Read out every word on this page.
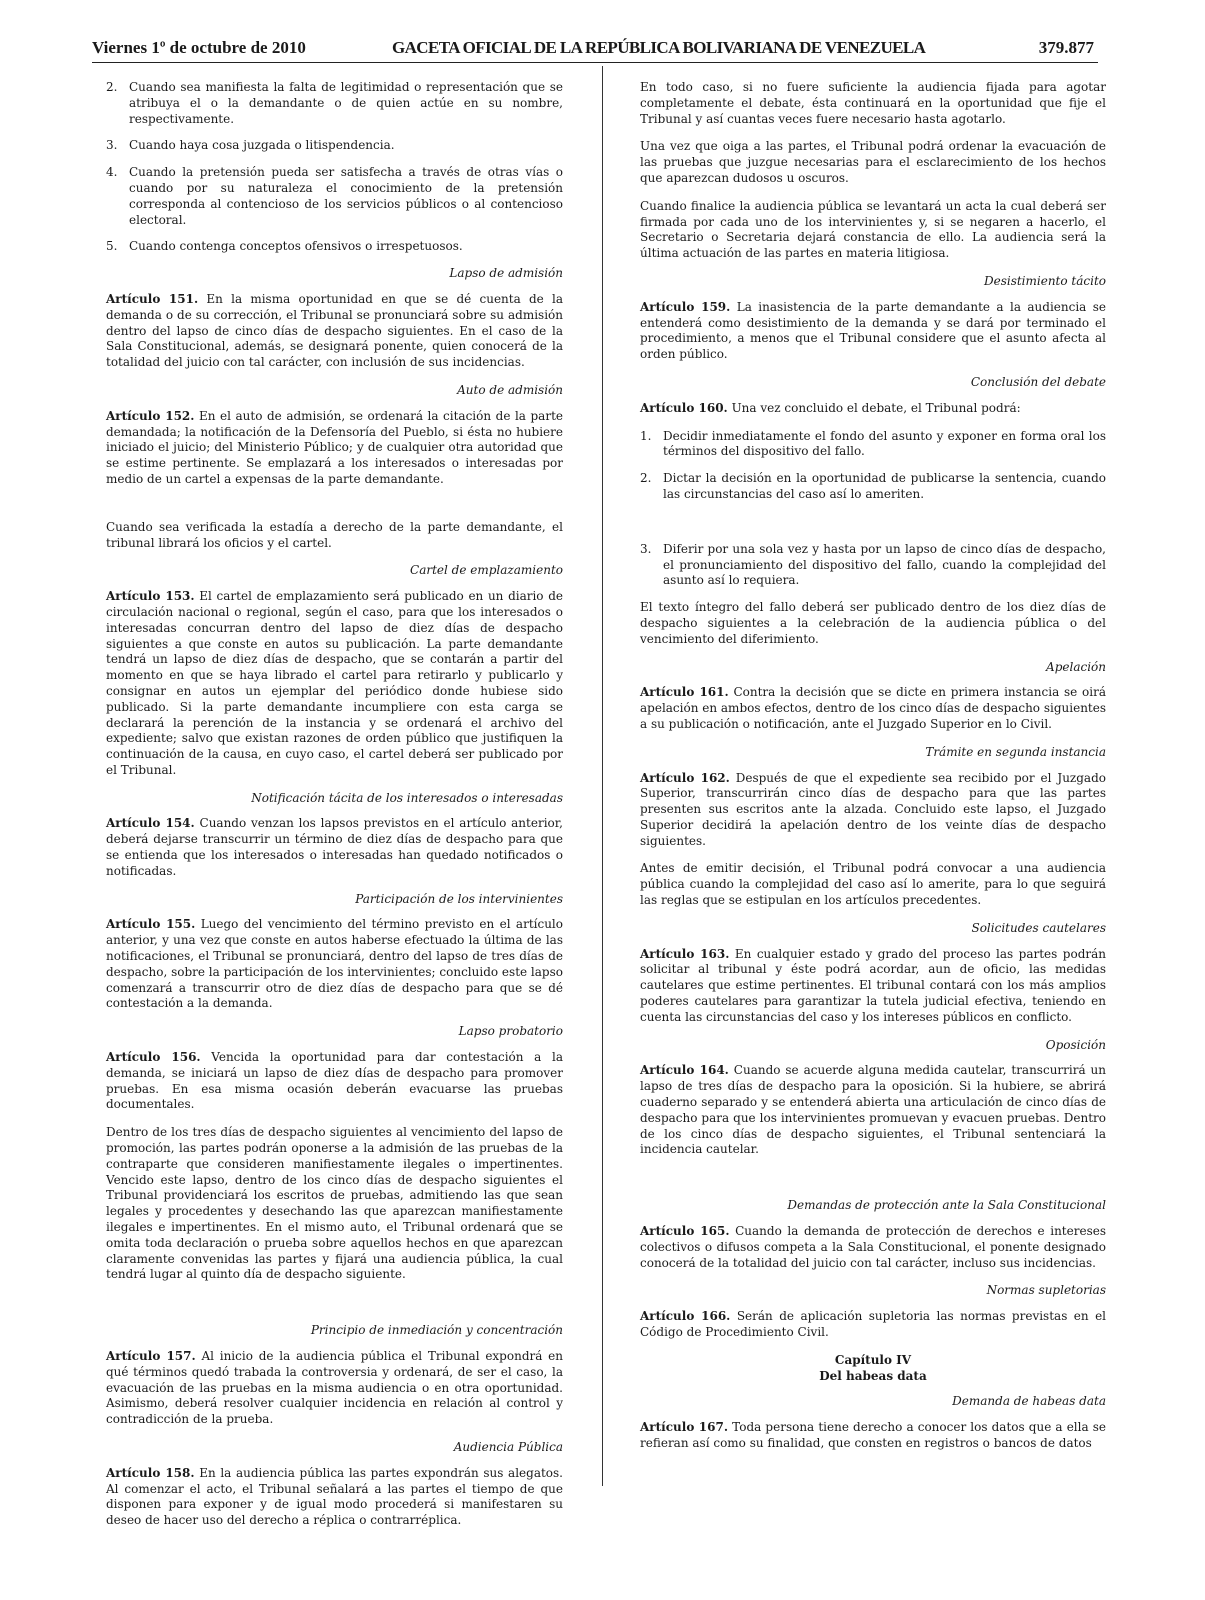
Viernes 1º de octubre de 2010	GACETA OFICIAL DE LA REPÚBLICA BOLIVARIANA DE VENEZUELA	379.877
2. Cuando sea manifiesta la falta de legitimidad o representación que se atribuya el o la demandante o de quien actúe en su nombre, respectivamente.
3. Cuando haya cosa juzgada o litispendencia.
4. Cuando la pretensión pueda ser satisfecha a través de otras vías o cuando por su naturaleza el conocimiento de la pretensión corresponda al contencioso de los servicios públicos o al contencioso electoral.
5. Cuando contenga conceptos ofensivos o irrespetuosos.
Lapso de admisión

Artículo 151. En la misma oportunidad en que se dé cuenta de la demanda o de su corrección, el Tribunal se pronunciará sobre su admisión dentro del lapso de cinco días de despacho siguientes. En el caso de la Sala Constitucional, además, se designará ponente, quien conocerá de la totalidad del juicio con tal carácter, con inclusión de sus incidencias.

Auto de admisión

Artículo 152. En el auto de admisión, se ordenará la citación de la parte demandada; la notificación de la Defensoría del Pueblo, si ésta no hubiere iniciado el juicio; del Ministerio Público; y de cualquier otra autoridad que se estime pertinente. Se emplazará a los interesados o interesadas por medio de un cartel a expensas de la parte demandante.

Cuando sea verificada la estadía a derecho de la parte demandante, el tribunal librará los oficios y el cartel.

Cartel de emplazamiento

Artículo 153. El cartel de emplazamiento será publicado en un diario de circulación nacional o regional, según el caso, para que los interesados o interesadas concurran dentro del lapso de diez días de despacho siguientes a que conste en autos su publicación. La parte demandante tendrá un lapso de diez días de despacho, que se contarán a partir del momento en que se haya librado el cartel para retirarlo y publicarlo y consignar en autos un ejemplar del periódico donde hubiese sido publicado. Si la parte demandante incumpliere con esta carga se declarará la perención de la instancia y se ordenará el archivo del expediente; salvo que existan razones de orden público que justifiquen la continuación de la causa, en cuyo caso, el cartel deberá ser publicado por el Tribunal.

Notificación tácita de los interesados o interesadas

Artículo 154. Cuando venzan los lapsos previstos en el artículo anterior, deberá dejarse transcurrir un término de diez días de despacho para que se entienda que los interesados o interesadas han quedado notificados o notificadas.

Participación de los intervinientes

Artículo 155. Luego del vencimiento del término previsto en el artículo anterior, y una vez que conste en autos haberse efectuado la última de las notificaciones, el Tribunal se pronunciará, dentro del lapso de tres días de despacho, sobre la participación de los intervinientes; concluido este lapso comenzará a transcurrir otro de diez días de despacho para que se dé contestación a la demanda.

Lapso probatorio

Artículo 156. Vencida la oportunidad para dar contestación a la demanda, se iniciará un lapso de diez días de despacho para promover pruebas. En esa misma ocasión deberán evacuarse las pruebas documentales.

Dentro de los tres días de despacho siguientes al vencimiento del lapso de promoción, las partes podrán oponerse a la admisión de las pruebas de la contraparte que consideren manifiestamente ilegales o impertinentes. Vencido este lapso, dentro de los cinco días de despacho siguientes el Tribunal providenciará los escritos de pruebas, admitiendo las que sean legales y procedentes y desechando las que aparezcan manifiestamente ilegales e impertinentes. En el mismo auto, el Tribunal ordenará que se omita toda declaración o prueba sobre aquellos hechos en que aparezcan claramente convenidas las partes y fijará una audiencia pública, la cual tendrá lugar al quinto día de despacho siguiente.

Principio de inmediación y concentración

Artículo 157. Al inicio de la audiencia pública el Tribunal expondrá en qué términos quedó trabada la controversia y ordenará, de ser el caso, la evacuación de las pruebas en la misma audiencia o en otra oportunidad. Asimismo, deberá resolver cualquier incidencia en relación al control y contradicción de la prueba.

Audiencia Pública

Artículo 158. En la audiencia pública las partes expondrán sus alegatos. Al comenzar el acto, el Tribunal señalará a las partes el tiempo de que disponen para exponer y de igual modo procederá si manifestaren su deseo de hacer uso del derecho a réplica o contrarréplica.

En todo caso, si no fuere suficiente la audiencia fijada para agotar completamente el debate, ésta continuará en la oportunidad que fije el Tribunal y así cuantas veces fuere necesario hasta agotarlo.

Una vez que oiga a las partes, el Tribunal podrá ordenar la evacuación de las pruebas que juzgue necesarias para el esclarecimiento de los hechos que aparezcan dudosos u oscuros.

Cuando finalice la audiencia pública se levantará un acta la cual deberá ser firmada por cada uno de los intervinientes y, si se negaren a hacerlo, el Secretario o Secretaria dejará constancia de ello. La audiencia será la última actuación de las partes en materia litigiosa.

Desistimiento tácito

Artículo 159. La inasistencia de la parte demandante a la audiencia se entenderá como desistimiento de la demanda y se dará por terminado el procedimiento, a menos que el Tribunal considere que el asunto afecta al orden público.

Conclusión del debate

Artículo 160. Una vez concluido el debate, el Tribunal podrá:

1. Decidir inmediatamente el fondo del asunto y exponer en forma oral los términos del dispositivo del fallo.
2. Dictar la decisión en la oportunidad de publicarse la sentencia, cuando las circunstancias del caso así lo ameriten.
3. Diferir por una sola vez y hasta por un lapso de cinco días de despacho, el pronunciamiento del dispositivo del fallo, cuando la complejidad del asunto así lo requiera.

El texto íntegro del fallo deberá ser publicado dentro de los diez días de despacho siguientes a la celebración de la audiencia pública o del vencimiento del diferimiento.

Apelación

Artículo 161. Contra la decisión que se dicte en primera instancia se oirá apelación en ambos efectos, dentro de los cinco días de despacho siguientes a su publicación o notificación, ante el Juzgado Superior en lo Civil.

Trámite en segunda instancia

Artículo 162. Después de que el expediente sea recibido por el Juzgado Superior, transcurrirán cinco días de despacho para que las partes presenten sus escritos ante la alzada. Concluido este lapso, el Juzgado Superior decidirá la apelación dentro de los veinte días de despacho siguientes.

Antes de emitir decisión, el Tribunal podrá convocar a una audiencia pública cuando la complejidad del caso así lo amerite, para lo que seguirá las reglas que se estipulan en los artículos precedentes.

Solicitudes cautelares

Artículo 163. En cualquier estado y grado del proceso las partes podrán solicitar al tribunal y éste podrá acordar, aun de oficio, las medidas cautelares que estime pertinentes. El tribunal contará con los más amplios poderes cautelares para garantizar la tutela judicial efectiva, teniendo en cuenta las circunstancias del caso y los intereses públicos en conflicto.

Oposición

Artículo 164. Cuando se acuerde alguna medida cautelar, transcurrirá un lapso de tres días de despacho para la oposición. Si la hubiere, se abrirá cuaderno separado y se entenderá abierta una articulación de cinco días de despacho para que los intervinientes promuevan y evacuen pruebas. Dentro de los cinco días de despacho siguientes, el Tribunal sentenciará la incidencia cautelar.

Demandas de protección ante la Sala Constitucional

Artículo 165. Cuando la demanda de protección de derechos e intereses colectivos o difusos competa a la Sala Constitucional, el ponente designado conocerá de la totalidad del juicio con tal carácter, incluso sus incidencias.

Normas supletorias

Artículo 166. Serán de aplicación supletoria las normas previstas en el Código de Procedimiento Civil.

Capítulo IV
Del habeas data
Demanda de habeas data

Artículo 167. Toda persona tiene derecho a conocer los datos que a ella se refieran así como su finalidad, que consten en registros o bancos de datos
